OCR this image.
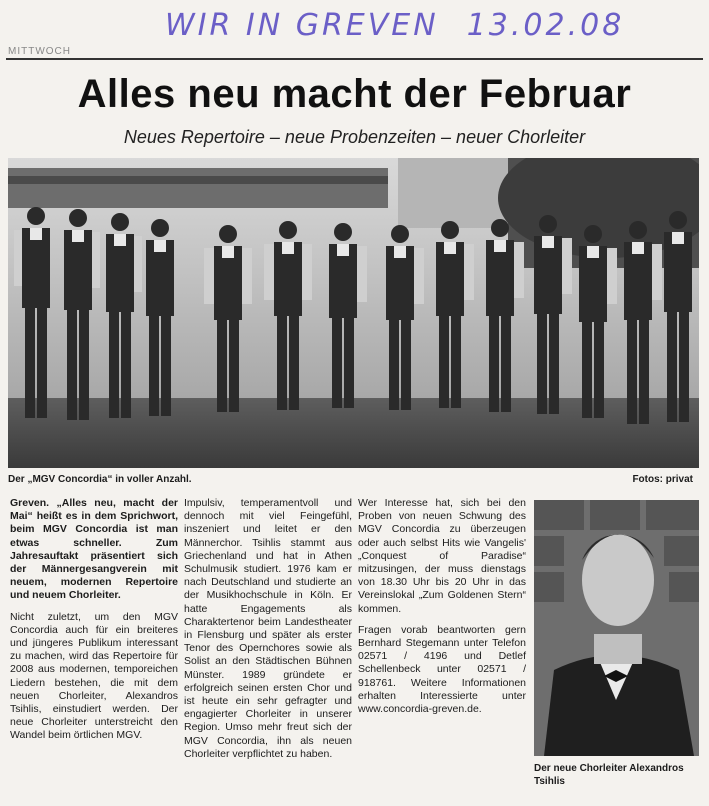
MITTWOCH
WIR IN GREVEN 13.02.08
Alles neu macht der Februar
Neues Repertoire – neue Probenzeiten – neuer Chorleiter
Der „MGV Concordia“ in voller Anzahl.	Fotos: privat

Greven. „Alles neu, macht der Mai“ heißt es in dem Sprichwort, beim MGV Concordia ist man etwas schneller. Zum Jahresauftakt präsentiert sich der Männergesangverein mit neuem, modernen Repertoire und neuem Chorleiter.

Nicht zuletzt, um den MGV Concordia auch für ein breiteres und jüngeres Publikum interessant zu machen, wird das Repertoire für 2008 aus modernen, temporeichen Liedern bestehen, die mit dem neuen Chorleiter, Alexandros Tsihlis, einstudiert werden. Der neue Chorleiter unterstreicht den Wandel beim örtlichen MGV.

Impulsiv, temperamentvoll und dennoch mit viel Feingefühl, inszeniert und leitet er den Männerchor. Tsihlis stammt aus Griechenland und hat in Athen Schulmusik studiert. 1976 kam er nach Deutschland und studierte an der Musikhochschule in Köln. Er hatte Engagements als Charaktertenor beim Landestheater in Flensburg und später als erster Tenor des Opernchores sowie als Solist an den Städtischen Bühnen Münster. 1989 gründete er erfolgreich seinen ersten Chor und ist heute ein sehr gefragter und engagierter Chorleiter in unserer Region. Umso mehr freut sich der MGV Concordia, ihn als neuen Chorleiter verpflichtet zu haben.

Wer Interesse hat, sich bei den Proben von neuen Schwung des MGV Concordia zu überzeugen oder auch selbst Hits wie Vangelis' „Conquest of Paradise“ mitzusingen, der muss dienstags von 18.30 Uhr bis 20 Uhr in das Vereinslokal „Zum Goldenen Stern“ kommen.

Fragen vorab beantworten gern Bernhard Stegemann unter Telefon 02571 / 4196 und Detlef Schellenbeck unter 02571 / 918761. Weitere Informationen erhalten Interessierte unter www.concordia-greven.de.

Der neue Chorleiter Alexandros Tsihlis
